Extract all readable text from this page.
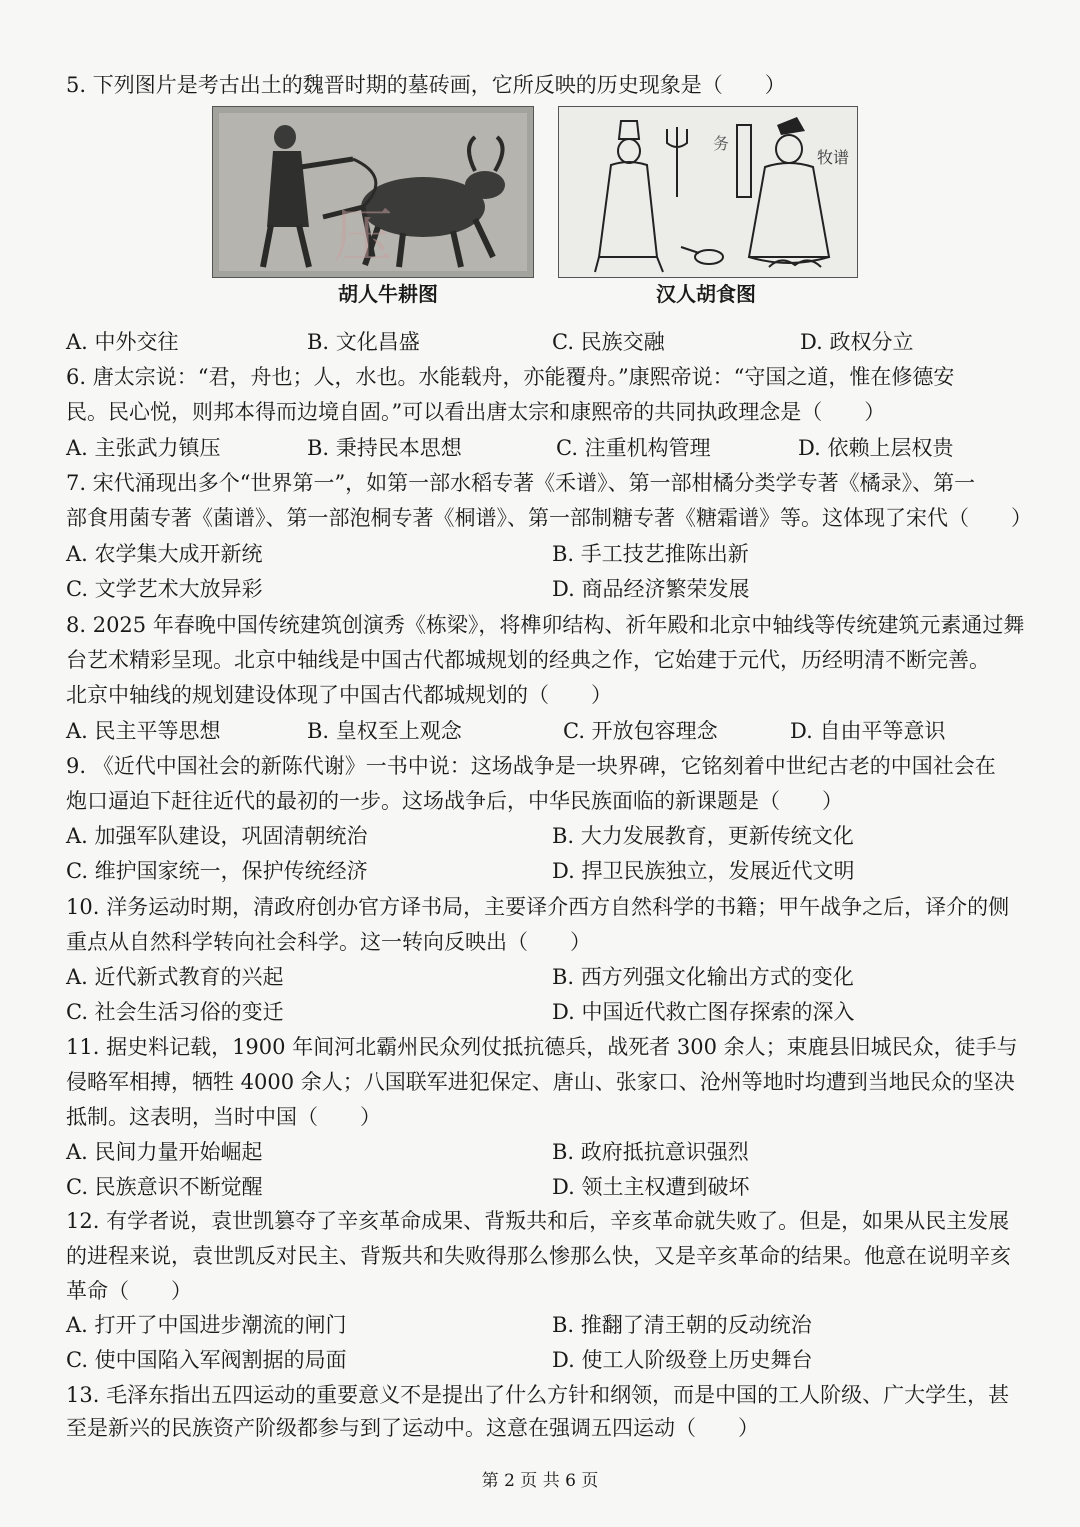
5. 下列图片是考古出土的魏晋时期的墓砖画，它所反映的历史现象是（　　）
压
胡人牛耕图
务
牧谱
汉人胡食图
A. 中外交往	B. 文化昌盛	C. 民族交融	D. 政权分立
6. 唐太宗说：“君，舟也；人，水也。水能载舟，亦能覆舟。”康熙帝说：“守国之道，惟在修德安
民。民心悦，则邦本得而边境自固。”可以看出唐太宗和康熙帝的共同执政理念是（　　）
A. 主张武力镇压	B. 秉持民本思想	C. 注重机构管理	D. 依赖上层权贵
7. 宋代涌现出多个“世界第一”，如第一部水稻专著《禾谱》、第一部柑橘分类学专著《橘录》、第一
部食用菌专著《菌谱》、第一部泡桐专著《桐谱》、第一部制糖专著《糖霜谱》等。这体现了宋代（　　）
A. 农学集大成开新统	B. 手工技艺推陈出新
C. 文学艺术大放异彩	D. 商品经济繁荣发展
8. 2025 年春晚中国传统建筑创演秀《栋梁》，将榫卯结构、祈年殿和北京中轴线等传统建筑元素通过舞
台艺术精彩呈现。北京中轴线是中国古代都城规划的经典之作，它始建于元代，历经明清不断完善。
北京中轴线的规划建设体现了中国古代都城规划的（　　）
A. 民主平等思想	B. 皇权至上观念	C. 开放包容理念	D. 自由平等意识
9. 《近代中国社会的新陈代谢》一书中说：这场战争是一块界碑，它铭刻着中世纪古老的中国社会在
炮口逼迫下赶往近代的最初的一步。这场战争后，中华民族面临的新课题是（　　）
A. 加强军队建设，巩固清朝统治	B. 大力发展教育，更新传统文化
C. 维护国家统一，保护传统经济	D. 捍卫民族独立，发展近代文明
10. 洋务运动时期，清政府创办官方译书局，主要译介西方自然科学的书籍；甲午战争之后，译介的侧
重点从自然科学转向社会科学。这一转向反映出（　　）
A. 近代新式教育的兴起	B. 西方列强文化输出方式的变化
C. 社会生活习俗的变迁	D. 中国近代救亡图存探索的深入
11. 据史料记载，1900 年间河北霸州民众列仗抵抗德兵，战死者 300 余人；束鹿县旧城民众，徒手与
侵略军相搏，牺牲 4000 余人；八国联军进犯保定、唐山、张家口、沧州等地时均遭到当地民众的坚决
抵制。这表明，当时中国（　　）
A. 民间力量开始崛起	B. 政府抵抗意识强烈
C. 民族意识不断觉醒	D. 领土主权遭到破坏
12. 有学者说，袁世凯篡夺了辛亥革命成果、背叛共和后，辛亥革命就失败了。但是，如果从民主发展
的进程来说，袁世凯反对民主、背叛共和失败得那么惨那么快，又是辛亥革命的结果。他意在说明辛亥
革命（　　）
A. 打开了中国进步潮流的闸门	B. 推翻了清王朝的反动统治
C. 使中国陷入军阀割据的局面	D. 使工人阶级登上历史舞台
13. 毛泽东指出五四运动的重要意义不是提出了什么方针和纲领，而是中国的工人阶级、广大学生，甚
至是新兴的民族资产阶级都参与到了运动中。这意在强调五四运动（　　）
第 2 页 共 6 页
